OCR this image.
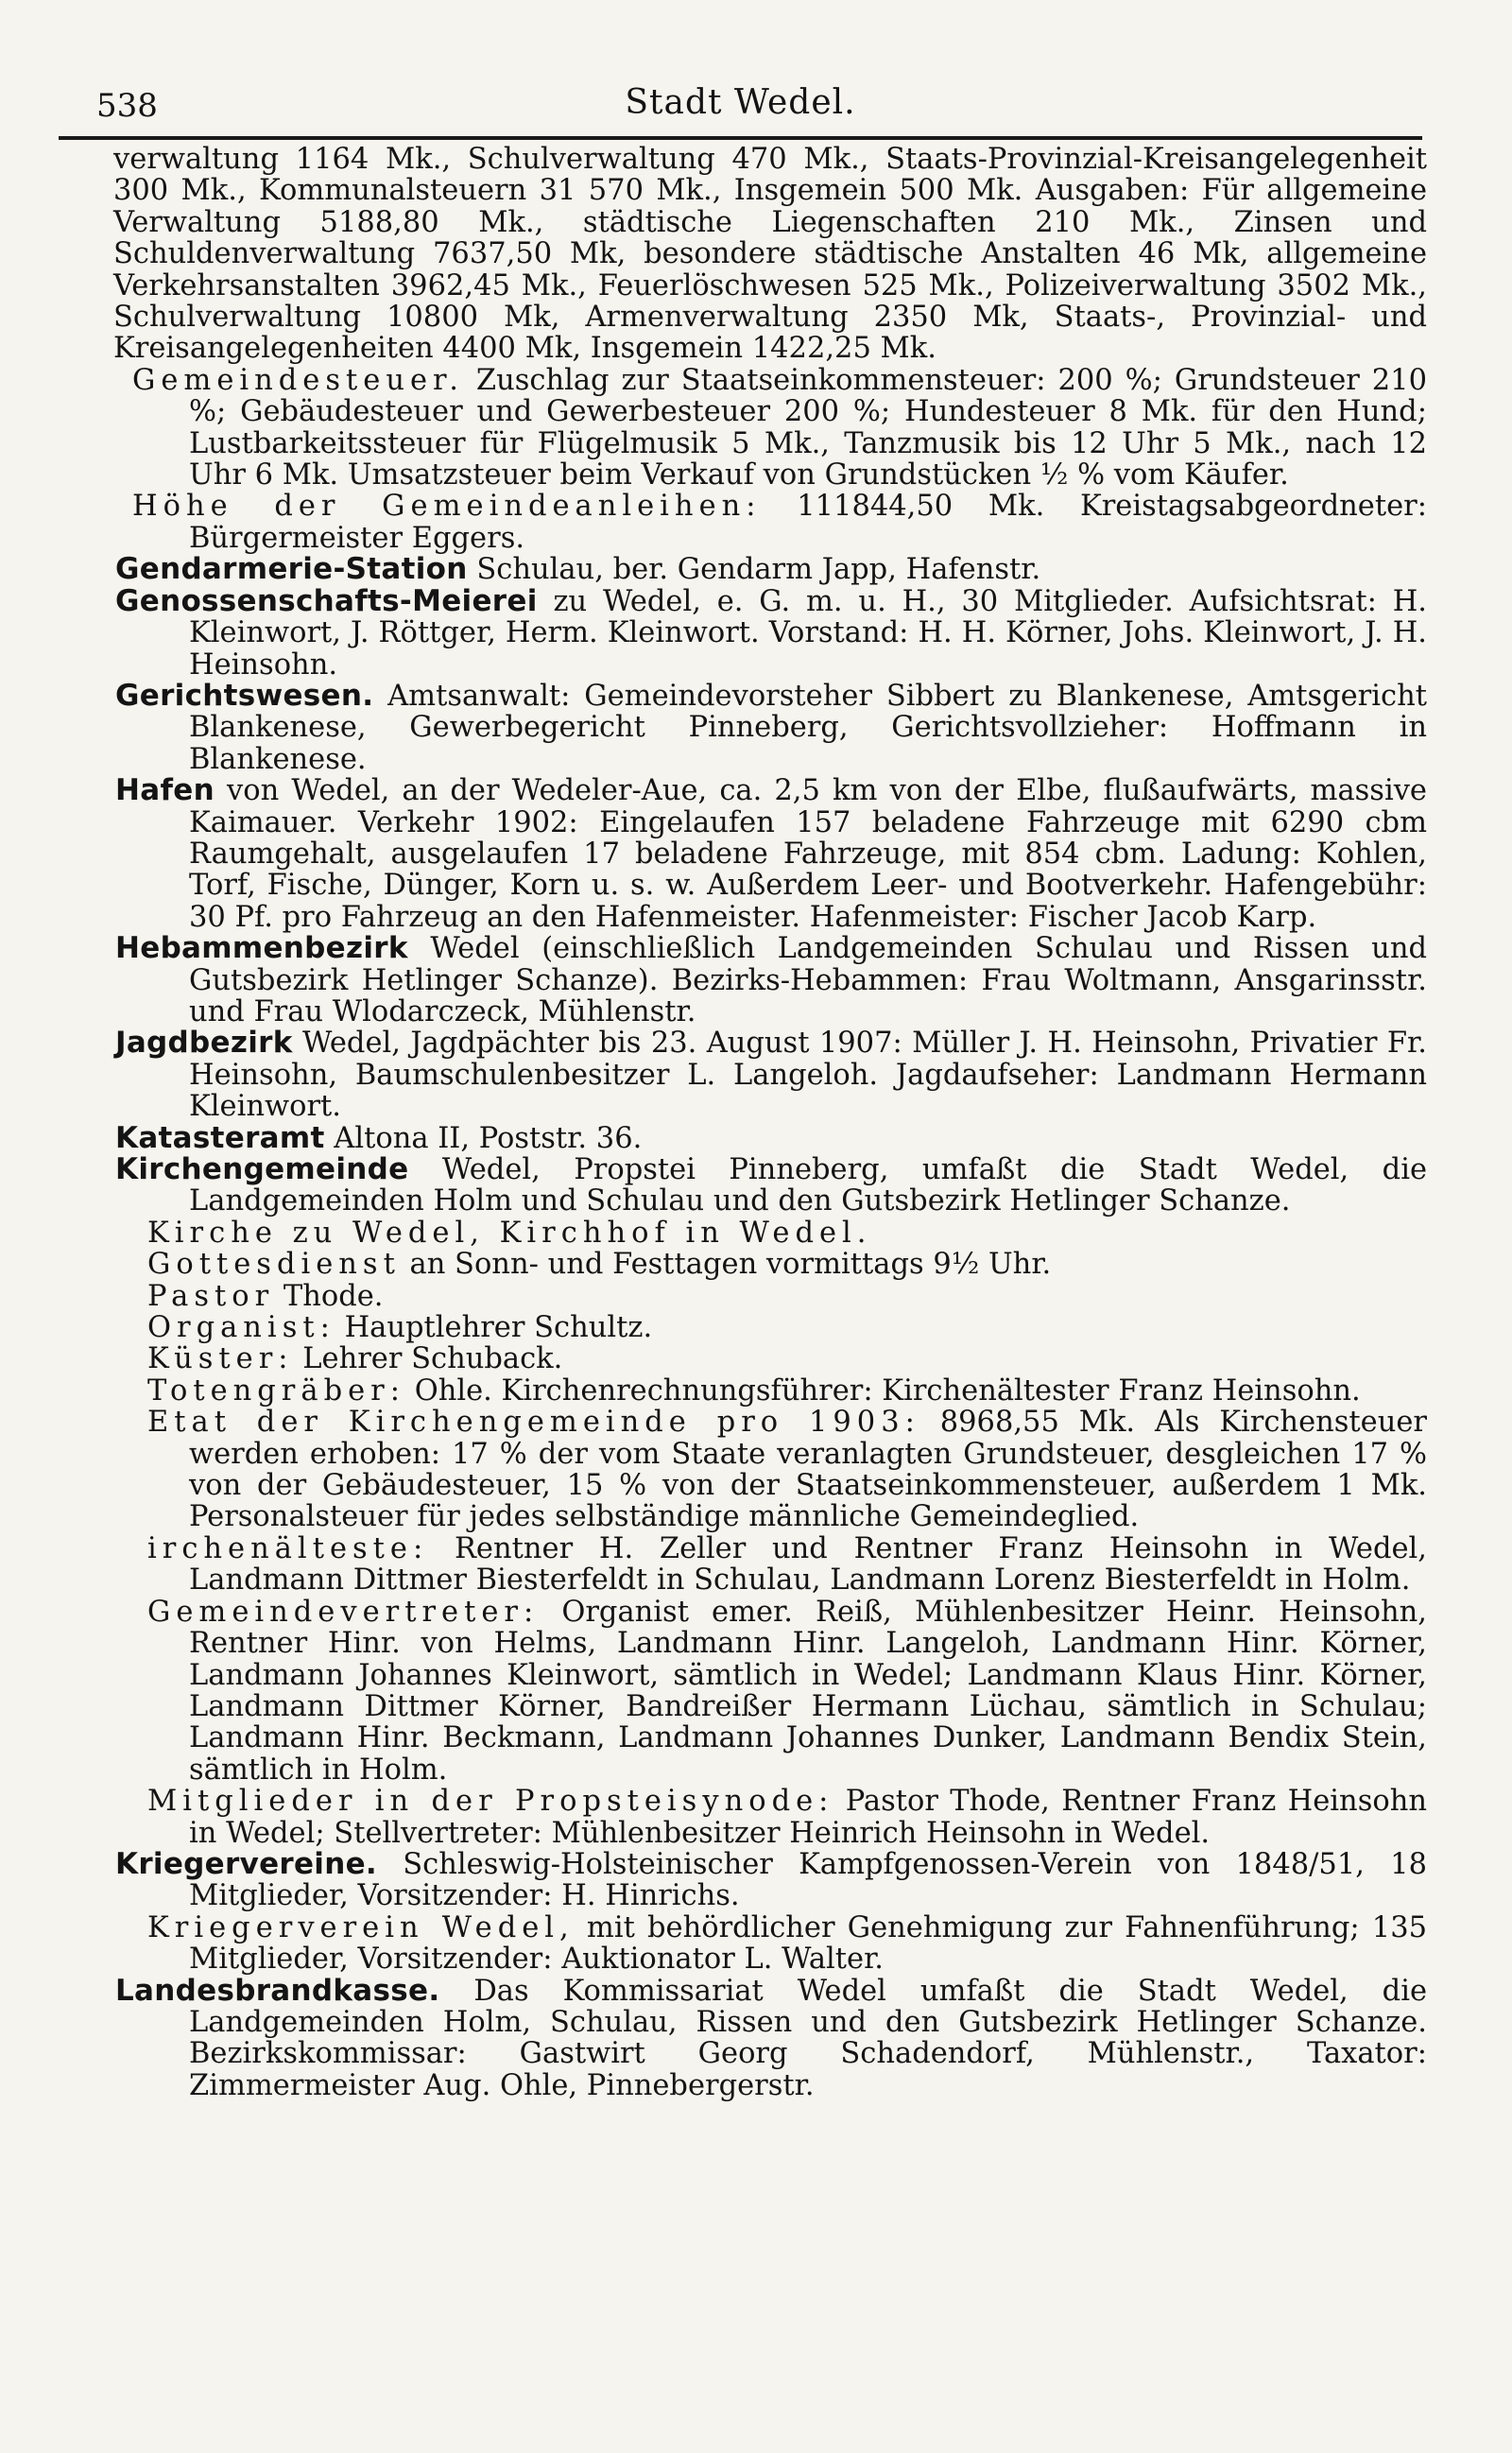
538	Stadt Wedel.

verwaltung 1164 Mk., Schulverwaltung 470 Mk., Staats-Provinzial-Kreisangelegenheit 300 Mk., Kommunalsteuern 31 570 Mk., Insgemein 500 Mk. Ausgaben: Für allgemeine Verwaltung 5188,80 Mk., städtische Liegenschaften 210 Mk., Zinsen und Schuldenverwaltung 7637,50 Mk, besondere städtische Anstalten 46 Mk, allgemeine Verkehrsanstalten 3962,45 Mk., Feuerlöschwesen 525 Mk., Polizeiverwaltung 3502 Mk., Schulverwaltung 10800 Mk, Armenverwaltung 2350 Mk, Staats-, Provinzial- und Kreisangelegenheiten 4400 Mk, Insgemein 1422,25 Mk.

Gemeindesteuer. Zuschlag zur Staatseinkommensteuer: 200 %; Grundsteuer 210 %; Gebäudesteuer und Gewerbesteuer 200 %; Hundesteuer 8 Mk. für den Hund; Lustbarkeitssteuer für Flügelmusik 5 Mk., Tanzmusik bis 12 Uhr 5 Mk., nach 12 Uhr 6 Mk. Umsatzsteuer beim Verkauf von Grundstücken ½ % vom Käufer.

Höhe der Gemeindeanleihen: 111844,50 Mk. Kreistagsabgeordneter: Bürgermeister Eggers.

Gendarmerie-Station Schulau, ber. Gendarm Japp, Hafenstr.

Genossenschafts-Meierei zu Wedel, e. G. m. u. H., 30 Mitglieder. Aufsichtsrat: H. Kleinwort, J. Röttger, Herm. Kleinwort. Vorstand: H. H. Körner, Johs. Kleinwort, J. H. Heinsohn.

Gerichtswesen. Amtsanwalt: Gemeindevorsteher Sibbert zu Blankenese, Amtsgericht Blankenese, Gewerbegericht Pinneberg, Gerichtsvollzieher: Hoffmann in Blankenese.

Hafen von Wedel, an der Wedeler-Aue, ca. 2,5 km von der Elbe, flußaufwärts, massive Kaimauer. Verkehr 1902: Eingelaufen 157 beladene Fahrzeuge mit 6290 cbm Raumgehalt, ausgelaufen 17 beladene Fahrzeuge, mit 854 cbm. Ladung: Kohlen, Torf, Fische, Dünger, Korn u. s. w. Außerdem Leer- und Bootverkehr. Hafengebühr: 30 Pf. pro Fahrzeug an den Hafenmeister. Hafenmeister: Fischer Jacob Karp.

Hebammenbezirk Wedel (einschließlich Landgemeinden Schulau und Rissen und Gutsbezirk Hetlinger Schanze). Bezirks-Hebammen: Frau Woltmann, Ansgarinsstr. und Frau Wlodarczeck, Mühlenstr.

Jagdbezirk Wedel, Jagdpächter bis 23. August 1907: Müller J. H. Heinsohn, Privatier Fr. Heinsohn, Baumschulenbesitzer L. Langeloh. Jagdaufseher: Landmann Hermann Kleinwort.

Katasteramt Altona II, Poststr. 36.

Kirchengemeinde Wedel, Propstei Pinneberg, umfaßt die Stadt Wedel, die Landgemeinden Holm und Schulau und den Gutsbezirk Hetlinger Schanze.

Kirche zu Wedel, Kirchhof in Wedel.

Gottesdienst an Sonn- und Festtagen vormittags 9½ Uhr.

Pastor Thode.

Organist: Hauptlehrer Schultz.

Küster: Lehrer Schuback.

Totengräber: Ohle. Kirchenrechnungsführer: Kirchenältester Franz Heinsohn.

Etat der Kirchengemeinde pro 1903: 8968,55 Mk. Als Kirchensteuer werden erhoben: 17 % der vom Staate veranlagten Grundsteuer, desgleichen 17 % von der Gebäudesteuer, 15 % von der Staatseinkommensteuer, außerdem 1 Mk. Personalsteuer für jedes selbständige männliche Gemeindeglied.

irchenälteste: Rentner H. Zeller und Rentner Franz Heinsohn in Wedel, Landmann Dittmer Biesterfeldt in Schulau, Landmann Lorenz Biesterfeldt in Holm.

Gemeindevertreter: Organist emer. Reiß, Mühlenbesitzer Heinr. Heinsohn, Rentner Hinr. von Helms, Landmann Hinr. Langeloh, Landmann Hinr. Körner, Landmann Johannes Kleinwort, sämtlich in Wedel; Landmann Klaus Hinr. Körner, Landmann Dittmer Körner, Bandreißer Hermann Lüchau, sämtlich in Schulau; Landmann Hinr. Beckmann, Landmann Johannes Dunker, Landmann Bendix Stein, sämtlich in Holm.

Mitglieder in der Propsteisynode: Pastor Thode, Rentner Franz Heinsohn in Wedel; Stellvertreter: Mühlenbesitzer Heinrich Heinsohn in Wedel.

Kriegervereine. Schleswig-Holsteinischer Kampfgenossen-Verein von 1848/51, 18 Mitglieder, Vorsitzender: H. Hinrichs.

Kriegerverein Wedel, mit behördlicher Genehmigung zur Fahnenführung; 135 Mitglieder, Vorsitzender: Auktionator L. Walter.

Landesbrandkasse. Das Kommissariat Wedel umfaßt die Stadt Wedel, die Landgemeinden Holm, Schulau, Rissen und den Gutsbezirk Hetlinger Schanze. Bezirkskommissar: Gastwirt Georg Schadendorf, Mühlenstr., Taxator: Zimmermeister Aug. Ohle, Pinnebergerstr.
